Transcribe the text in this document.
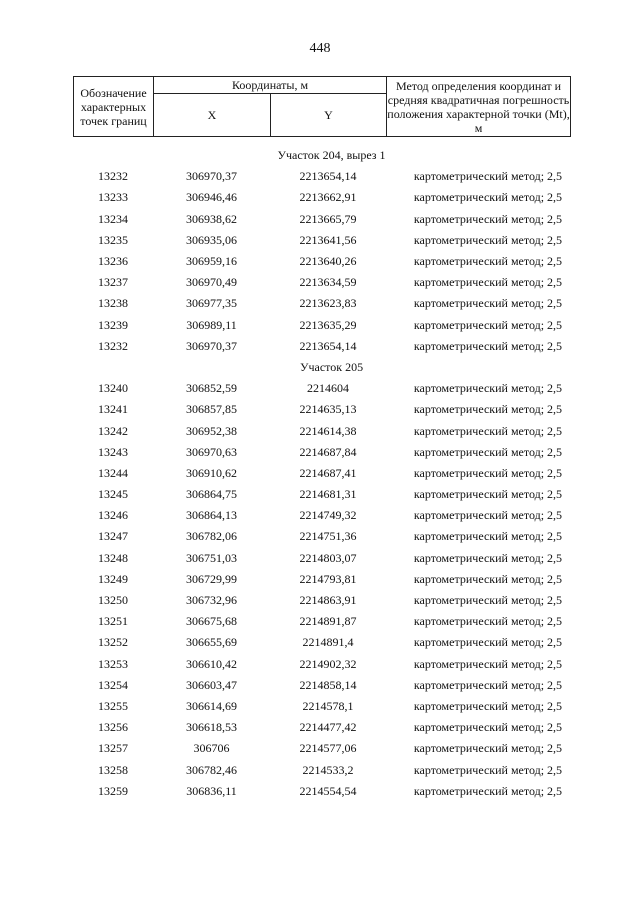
448
Обозначение характерных точек границ	Координаты, м		Метод определения координат и средняя квадратичная погрешность положения характерной точки (Mt), м
	X	Y	
Участок 204, вырез 1			
13232	306970,37	2213654,14	картометрический метод; 2,5
13233	306946,46	2213662,91	картометрический метод; 2,5
13234	306938,62	2213665,79	картометрический метод; 2,5
13235	306935,06	2213641,56	картометрический метод; 2,5
13236	306959,16	2213640,26	картометрический метод; 2,5
13237	306970,49	2213634,59	картометрический метод; 2,5
13238	306977,35	2213623,83	картометрический метод; 2,5
13239	306989,11	2213635,29	картометрический метод; 2,5
13232	306970,37	2213654,14	картометрический метод; 2,5
Участок 205			
13240	306852,59	2214604	картометрический метод; 2,5
13241	306857,85	2214635,13	картометрический метод; 2,5
13242	306952,38	2214614,38	картометрический метод; 2,5
13243	306970,63	2214687,84	картометрический метод; 2,5
13244	306910,62	2214687,41	картометрический метод; 2,5
13245	306864,75	2214681,31	картометрический метод; 2,5
13246	306864,13	2214749,32	картометрический метод; 2,5
13247	306782,06	2214751,36	картометрический метод; 2,5
13248	306751,03	2214803,07	картометрический метод; 2,5
13249	306729,99	2214793,81	картометрический метод; 2,5
13250	306732,96	2214863,91	картометрический метод; 2,5
13251	306675,68	2214891,87	картометрический метод; 2,5
13252	306655,69	2214891,4	картометрический метод; 2,5
13253	306610,42	2214902,32	картометрический метод; 2,5
13254	306603,47	2214858,14	картометрический метод; 2,5
13255	306614,69	2214578,1	картометрический метод; 2,5
13256	306618,53	2214477,42	картометрический метод; 2,5
13257	306706	2214577,06	картометрический метод; 2,5
13258	306782,46	2214533,2	картометрический метод; 2,5
13259	306836,11	2214554,54	картометрический метод; 2,5
